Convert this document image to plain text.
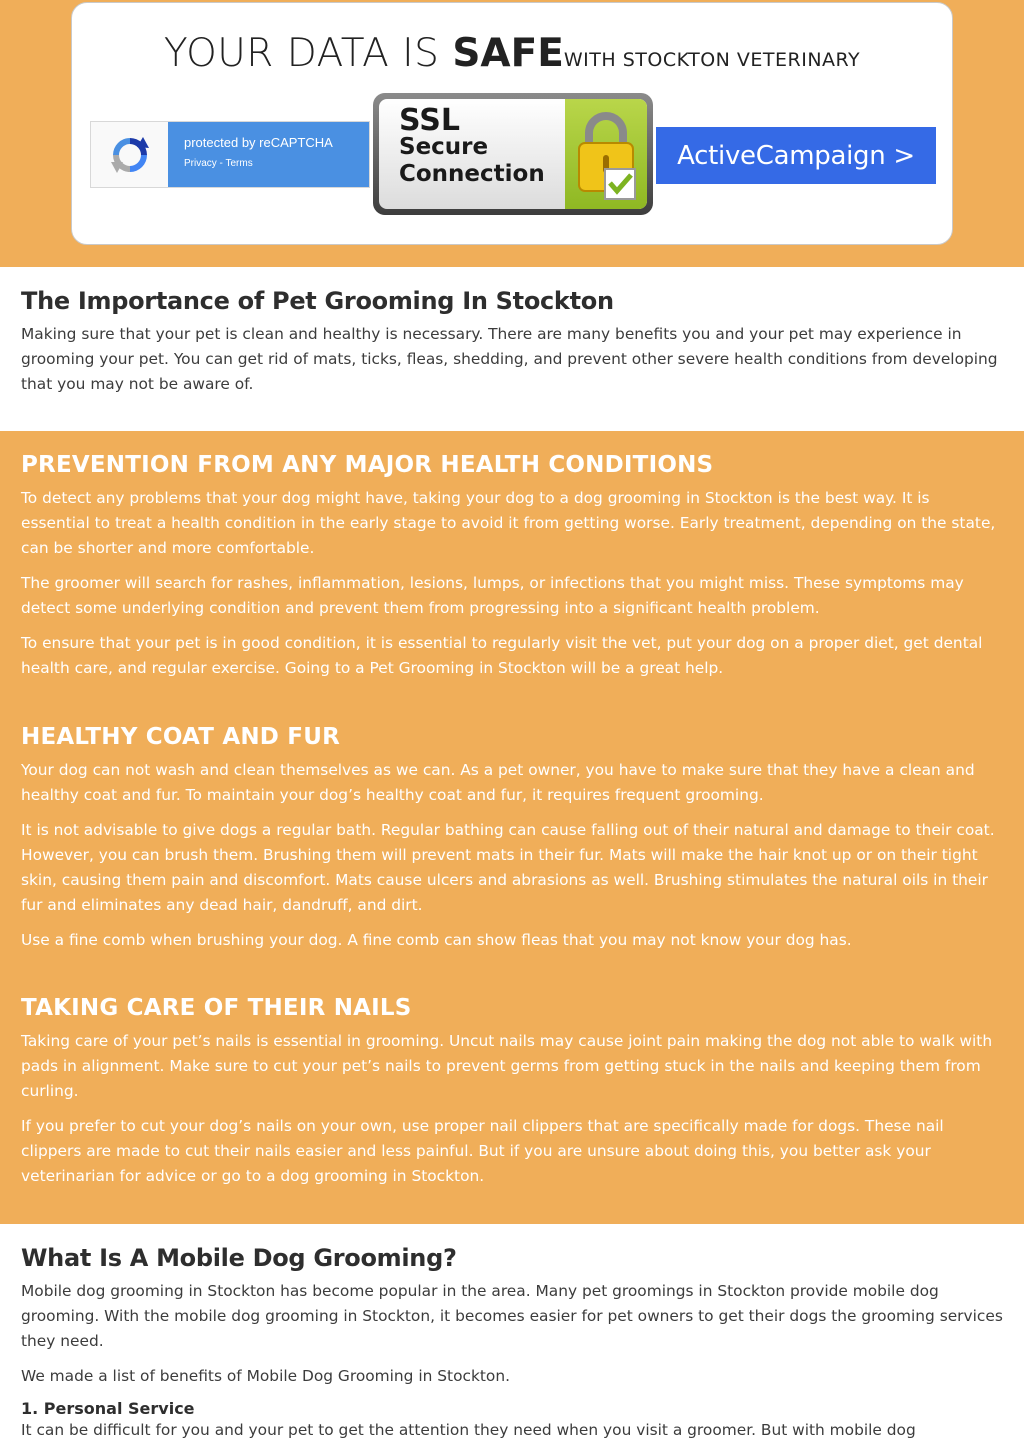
YOUR DATA IS SAFEWITH STOCKTON VETERINARY
protected by reCAPTCHA
Privacy - Terms
SSL
Secure
Connection
ActiveCampaign >
The Importance of Pet Grooming In Stockton

Making sure that your pet is clean and healthy is necessary. There are many benefits you and your pet may experience in grooming your pet. You can get rid of mats, ticks, fleas, shedding, and prevent other severe health conditions from developing that you may not be aware of.

PREVENTION FROM ANY MAJOR HEALTH CONDITIONS

To detect any problems that your dog might have, taking your dog to a dog grooming in Stockton is the best way. It is essential to treat a health condition in the early stage to avoid it from getting worse. Early treatment, depending on the state, can be shorter and more comfortable.

The groomer will search for rashes, inflammation, lesions, lumps, or infections that you might miss. These symptoms may detect some underlying condition and prevent them from progressing into a significant health problem.

To ensure that your pet is in good condition, it is essential to regularly visit the vet, put your dog on a proper diet, get dental health care, and regular exercise. Going to a Pet Grooming in Stockton will be a great help.

HEALTHY COAT AND FUR

Your dog can not wash and clean themselves as we can. As a pet owner, you have to make sure that they have a clean and healthy coat and fur. To maintain your dog’s healthy coat and fur, it requires frequent grooming.

It is not advisable to give dogs a regular bath. Regular bathing can cause falling out of their natural and damage to their coat. However, you can brush them. Brushing them will prevent mats in their fur. Mats will make the hair knot up or on their tight skin, causing them pain and discomfort. Mats cause ulcers and abrasions as well. Brushing stimulates the natural oils in their fur and eliminates any dead hair, dandruff, and dirt.

Use a fine comb when brushing your dog. A fine comb can show fleas that you may not know your dog has.

TAKING CARE OF THEIR NAILS

Taking care of your pet’s nails is essential in grooming. Uncut nails may cause joint pain making the dog not able to walk with pads in alignment. Make sure to cut your pet’s nails to prevent germs from getting stuck in the nails and keeping them from curling.

If you prefer to cut your dog’s nails on your own, use proper nail clippers that are specifically made for dogs. These nail clippers are made to cut their nails easier and less painful. But if you are unsure about doing this, you better ask your veterinarian for advice or go to a dog grooming in Stockton.

What Is A Mobile Dog Grooming?

Mobile dog grooming in Stockton has become popular in the area. Many pet groomings in Stockton provide mobile dog grooming. With the mobile dog grooming in Stockton, it becomes easier for pet owners to get their dogs the grooming services they need.

We made a list of benefits of Mobile Dog Grooming in Stockton.

1. Personal Service

It can be difficult for you and your pet to get the attention they need when you visit a groomer. But with mobile dog
